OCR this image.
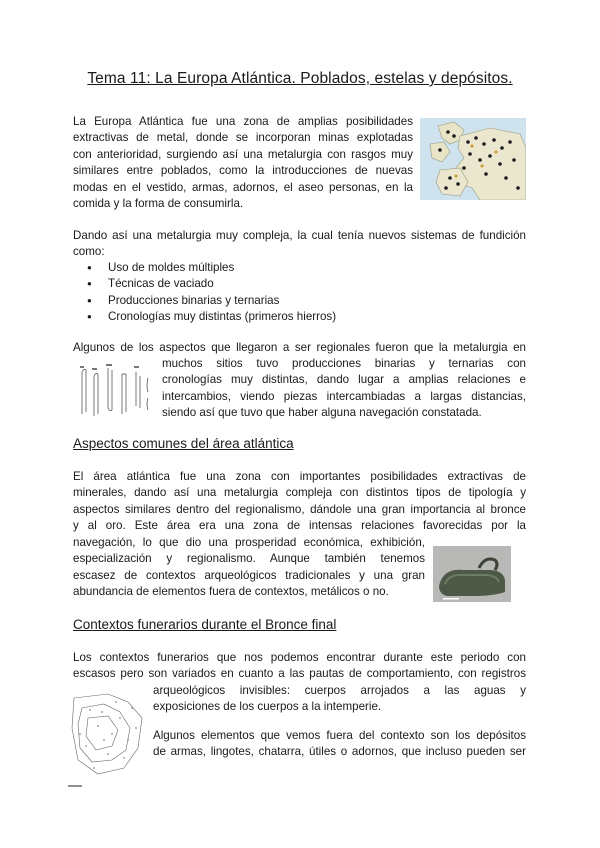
Tema 11: La Europa Atlántica. Poblados, estelas y depósitos.
La Europa Atlántica fue una zona de amplias posibilidades
extractivas de metal, donde se incorporan minas explotadas
con anterioridad, surgiendo así una metalurgia con rasgos muy
similares entre poblados, como la introducciones de nuevas
modas en el vestido, armas, adornos, el aseo personas, en la
comida y la forma de consumirla.
Dando así una metalurgia muy compleja, la cual tenía nuevos sistemas de fundición
como:
● Uso de moldes múltiples
● Técnicas de vaciado
● Producciones binarias y ternarias
● Cronologías muy distintas (primeros hierros)
Algunos de los aspectos que llegaron a ser regionales fueron que la metalurgia en
muchos sitios tuvo producciones binarias y ternarias con
cronologías muy distintas, dando lugar a amplias relaciones e
intercambios, viendo piezas intercambiadas a largas distancias,
siendo así que tuvo que haber alguna navegación constatada.
Aspectos comunes del área atlántica
El área atlántica fue una zona con importantes posibilidades extractivas de
minerales, dando así una metalurgia compleja con distintos tipos de tipología y
aspectos similares dentro del regionalismo, dándole una gran importancia al bronce
y al oro. Este área era una zona de intensas relaciones favorecidas por la
navegación, lo que dio una prosperidad económica, exhibición,
especialización y regionalismo. Aunque también tenemos
escasez de contextos arqueológicos tradicionales y una gran
abundancia de elementos fuera de contextos, metálicos o no.
Contextos funerarios durante el Bronce final
Los contextos funerarios que nos podemos encontrar durante este periodo con
escasos pero son variados en cuanto a las pautas de comportamiento, con registros
arqueológicos invisibles: cuerpos arrojados a las aguas y
exposiciones de los cuerpos a la intemperie.
Algunos elementos que vemos fuera del contexto son los depósitos
de armas, lingotes, chatarra, útiles o adornos, que incluso pueden ser
